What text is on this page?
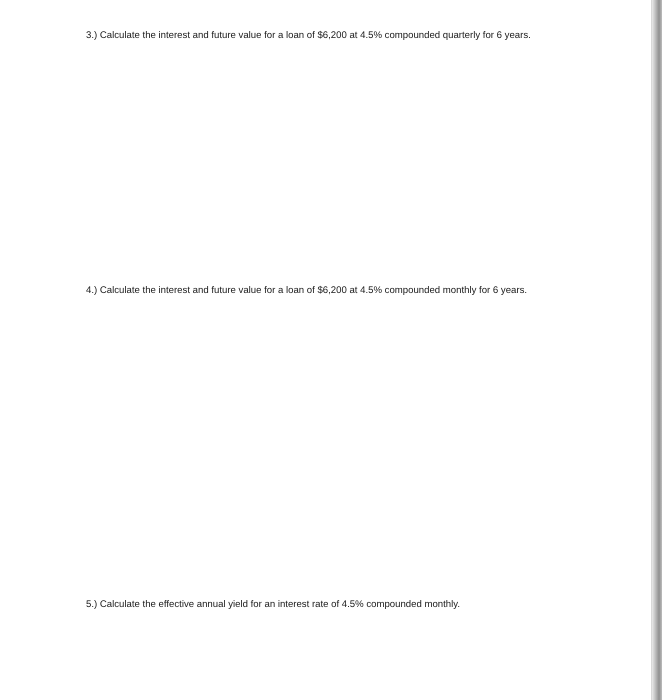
3.) Calculate the interest and future value for a loan of $6,200 at 4.5% compounded quarterly for 6 years.

4.) Calculate the interest and future value for a loan of $6,200 at 4.5% compounded monthly for 6 years.

5.) Calculate the effective annual yield for an interest rate of 4.5% compounded monthly.
